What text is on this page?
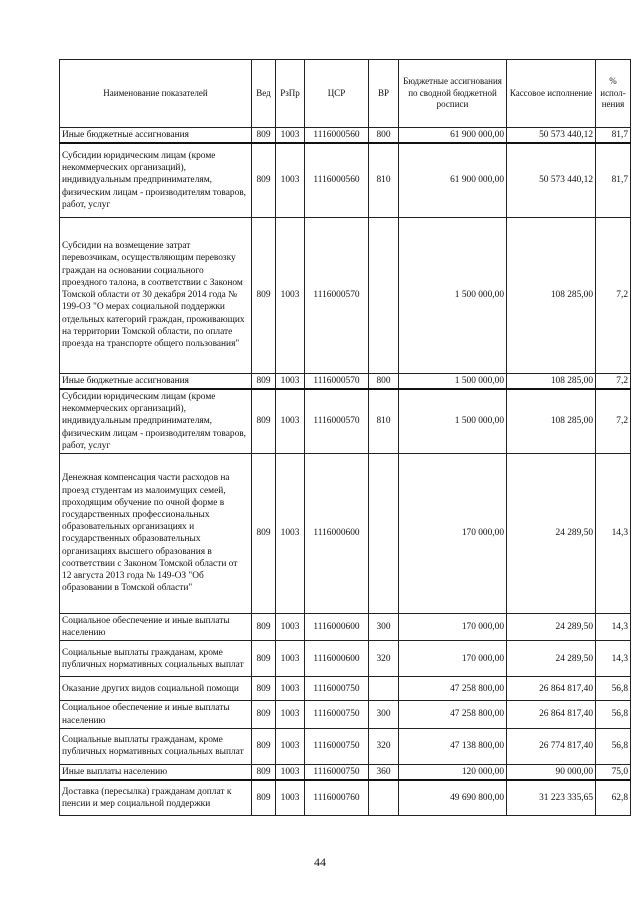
Наименование показателей	Вед	РзПр	ЦСР	ВР	Бюджетные ассигнования по сводной бюджетной росписи	Кассовое исполнение	% испол-нения
Иные бюджетные ассигнования	809	1003	1116000560	800	61 900 000,00	50 573 440,12	81,7
Субсидии юридическим лицам (кроме некоммерческих организаций), индивидуальным предпринимателям, физическим лицам - производителям товаров, работ, услуг	809	1003	1116000560	810	61 900 000,00	50 573 440,12	81,7
Субсидии на возмещение затрат перевозчикам, осуществляющим перевозку граждан на основании социального проездного талона, в соответствии с Законом Томской области от 30 декабря 2014 года № 199-ОЗ "О мерах социальной поддержки отдельных категорий граждан, проживающих на территории Томской области, по оплате проезда на транспорте общего пользования"	809	1003	1116000570		1 500 000,00	108 285,00	7,2
Иные бюджетные ассигнования	809	1003	1116000570	800	1 500 000,00	108 285,00	7,2
Субсидии юридическим лицам (кроме некоммерческих организаций), индивидуальным предпринимателям, физическим лицам - производителям товаров, работ, услуг	809	1003	1116000570	810	1 500 000,00	108 285,00	7,2
Денежная компенсация части расходов на проезд студентам из малоимущих семей, проходящим обучение по очной форме в государственных профессиональных образовательных организациях и государственных образовательных организациях высшего образования в соответствии с Законом Томской области от 12 августа 2013 года № 149-ОЗ "Об образовании в Томской области"	809	1003	1116000600		170 000,00	24 289,50	14,3
Социальное обеспечение и иные выплаты населению	809	1003	1116000600	300	170 000,00	24 289,50	14,3
Социальные выплаты гражданам, кроме публичных нормативных социальных выплат	809	1003	1116000600	320	170 000,00	24 289,50	14,3
Оказание других видов социальной помощи	809	1003	1116000750		47 258 800,00	26 864 817,40	56,8
Социальное обеспечение и иные выплаты населению	809	1003	1116000750	300	47 258 800,00	26 864 817,40	56,8
Социальные выплаты гражданам, кроме публичных нормативных социальных выплат	809	1003	1116000750	320	47 138 800,00	26 774 817,40	56,8
Иные выплаты населению	809	1003	1116000750	360	120 000,00	90 000,00	75,0
Доставка (пересылка) гражданам доплат к пенсии и мер социальной поддержки	809	1003	1116000760		49 690 800,00	31 223 335,65	62,8
44
